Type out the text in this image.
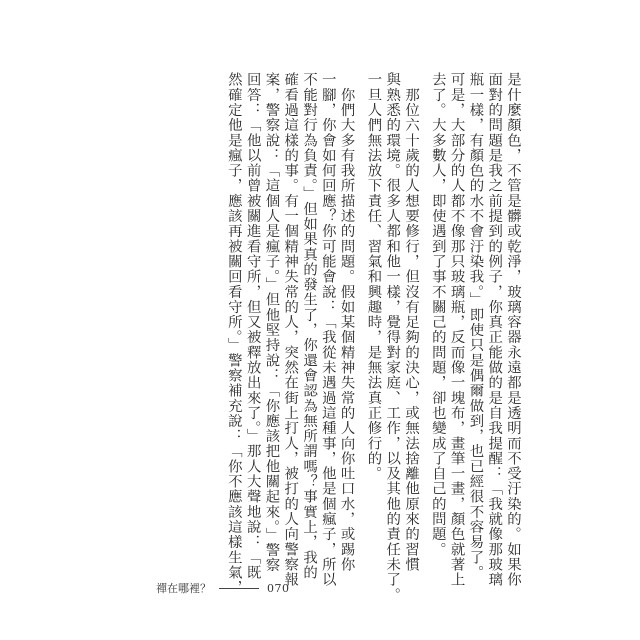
是什麼顏色，不管是髒或乾淨，玻璃容器永遠都是透明而不受汙染的。如果你
面對的問題是我之前提到的例子，你真正能做的是自我提醒：「我就像那玻璃
瓶一樣，有顏色的水不會汙染我。」即使只是偶爾做到，也已經很不容易了。
可是，大部分的人都不像那只玻璃瓶，反而像一塊布，畫筆一畫，顏色就著上
去了。大多數人，即使遇到了事不關己的問題，卻也變成了自己的問題。
　那位六十歲的人想要修行，但沒有足夠的決心，或無法捨離他原來的習慣
與熟悉的環境。很多人都和他一樣，覺得對家庭、工作，以及其他的責任未了。
一旦人們無法放下責任、習氣和興趣時，是無法真正修行的。
　你們大多有我所描述的問題。假如某個精神失常的人向你吐口水，或踢你
一腳，你會如何回應？你可能會說：「我從未遇過這種事，他是個瘋子，所以
不能對行為負責。」但如果真的發生了，你還會認為無所謂嗎？事實上，我的
確看過這樣的事。有一個精神失常的人，突然在街上打人，被打的人向警察報
案，警察說：「這個人是瘋子。」但他堅持說：「你應該把他關起來。」警察
回答：「他以前曾被關進看守所，但又被釋放出來了。」那人大聲地說：「既
然確定他是瘋子，應該再被關回看守所。」警察補充說：「你不應該這樣生氣，
禪在哪裡？	070
